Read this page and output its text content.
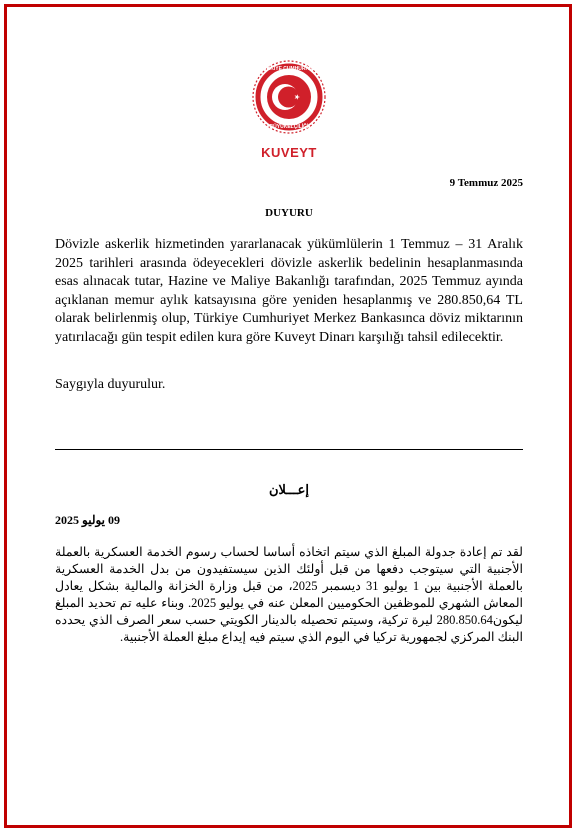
TÜRKİYE CUMHURİYETİ
BÜYÜKELÇİLİĞİ
KUVEYT
9 Temmuz 2025
DUYURU
Dövizle askerlik hizmetinden yararlanacak yükümlülerin 1 Temmuz – 31 Aralık 2025 tarihleri arasında ödeyecekleri dövizle askerlik bedelinin hesaplanmasında esas alınacak tutar, Hazine ve Maliye Bakanlığı tarafından, 2025 Temmuz ayında açıklanan memur aylık katsayısına göre yeniden hesaplanmış ve 280.850,64 TL olarak belirlenmiş olup, Türkiye Cumhuriyet Merkez Bankasınca döviz miktarının yatırılacağı gün tespit edilen kura göre Kuveyt Dinarı karşılığı tahsil edilecektir.
Saygıyla duyurulur.
إعـــلان
09 يوليو 2025
لقد تم إعادة جدولة المبلغ الذي سيتم اتخاذه أساسا لحساب رسوم الخدمة العسكرية بالعملة الأجنبية التي سيتوجب دفعها من قبل أولئك الذين سيستفيدون من بدل الخدمة العسكرية بالعملة الأجنبية بين 1 يوليو 31 ديسمبر 2025، من قبل وزارة الخزانة والمالية بشكل يعادل المعاش الشهري للموظفين الحكوميين المعلن عنه في يوليو 2025. وبناء عليه تم تحديد المبلغ ليكون280.850.64 ليرة تركية، وسيتم تحصيله بالدينار الكويتي حسب سعر الصرف الذي يحدده البنك المركزي لجمهورية تركيا في اليوم الذي سيتم فيه إيداع مبلغ العملة الأجنبية.
